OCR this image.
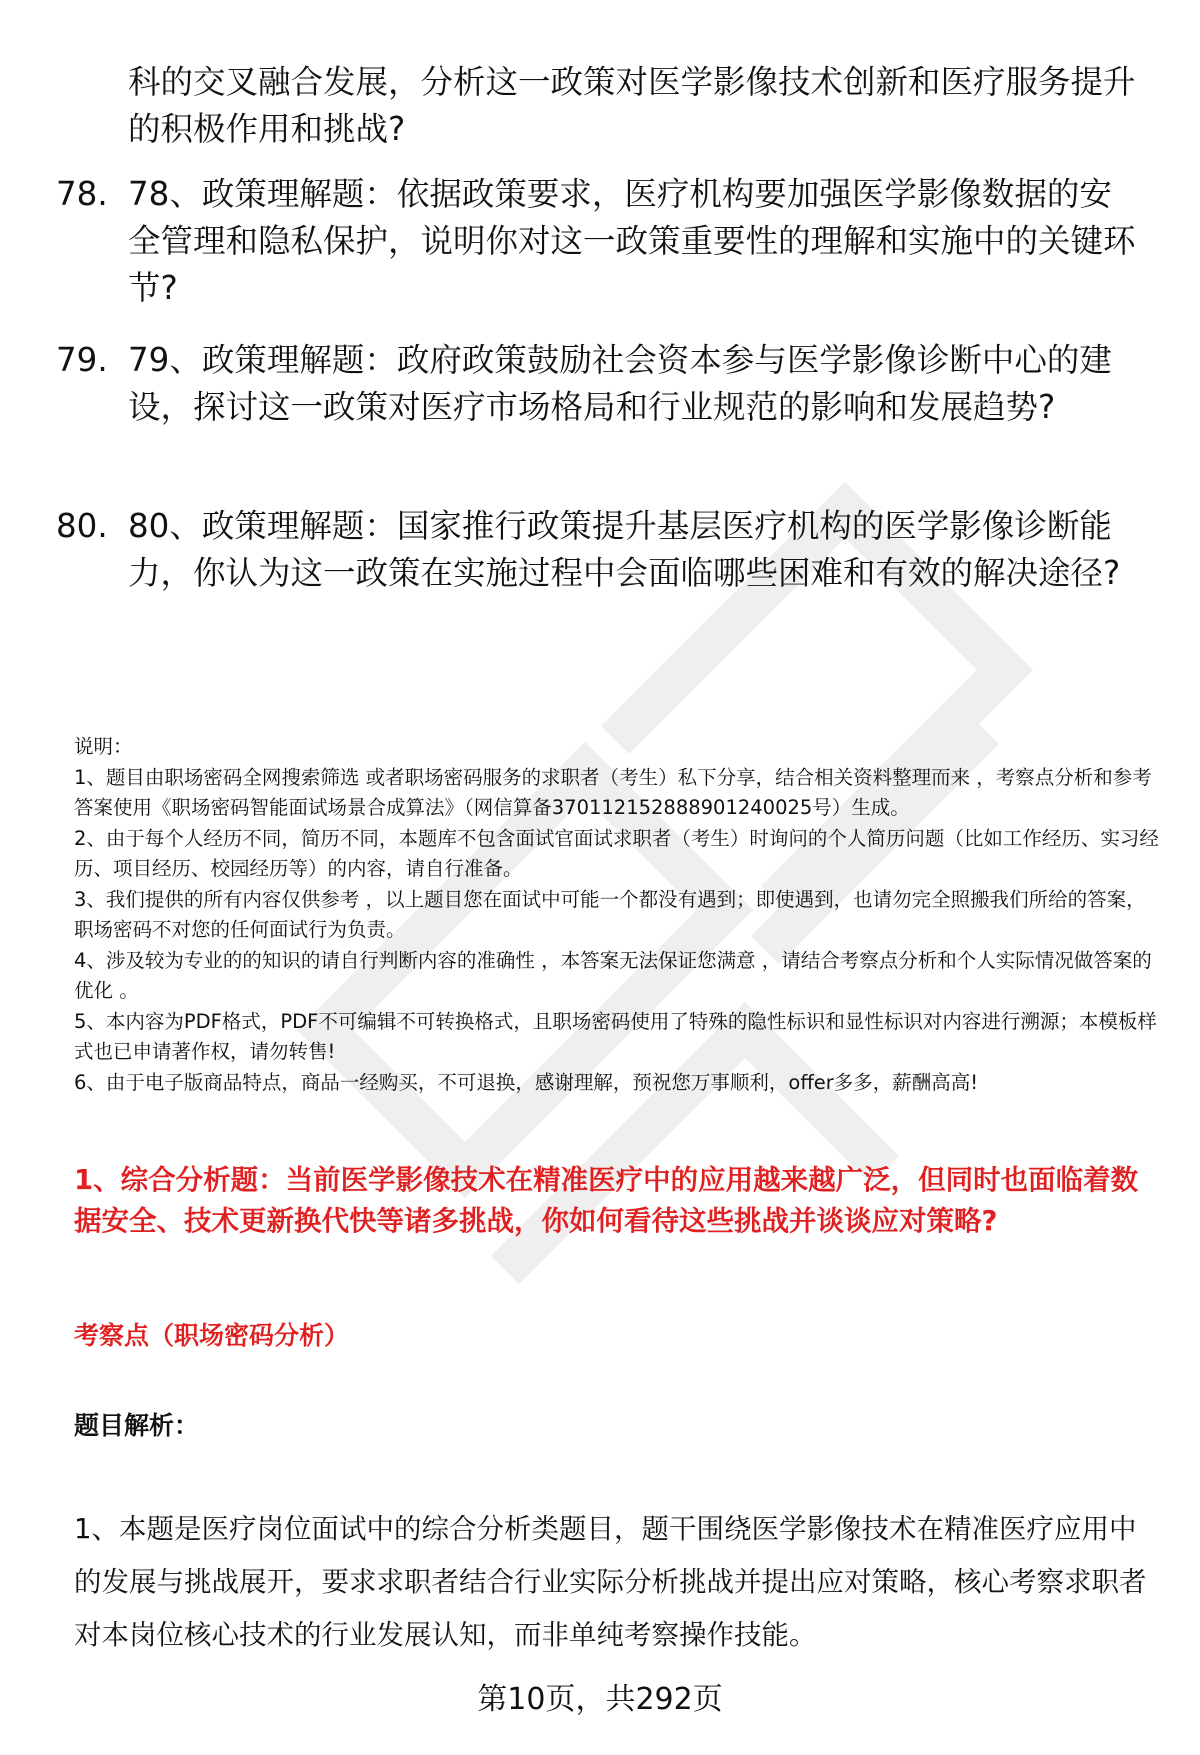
科的交叉融合发展，分析这一政策对医学影像技术创新和医疗服务提升的积极作用和挑战?
78. 78、政策理解题：依据政策要求，医疗机构要加强医学影像数据的安全管理和隐私保护，说明你对这一政策重要性的理解和实施中的关键环节?
79. 79、政策理解题：政府政策鼓励社会资本参与医学影像诊断中心的建设，探讨这一政策对医疗市场格局和行业规范的影响和发展趋势?
80. 80、政策理解题：国家推行政策提升基层医疗机构的医学影像诊断能力，你认为这一政策在实施过程中会面临哪些困难和有效的解决途径?

说明：

1、题目由职场密码全网搜索筛选 或者职场密码服务的求职者（考生）私下分享，结合相关资料整理而来 ，考察点分析和参考答案使用《职场密码智能面试场景合成算法》（网信算备370112152888901240025号）生成。

2、由于每个人经历不同，简历不同，本题库不包含面试官面试求职者（考生）时询问的个人简历问题（比如工作经历、实习经历、项目经历、校园经历等）的内容，请自行准备。

3、我们提供的所有内容仅供参考 ，以上题目您在面试中可能一个都没有遇到；即使遇到，也请勿完全照搬我们所给的答案，职场密码不对您的任何面试行为负责。

4、涉及较为专业的的知识的请自行判断内容的准确性 ，本答案无法保证您满意 ，请结合考察点分析和个人实际情况做答案的优化 。

5、本内容为PDF格式，PDF不可编辑不可转换格式，且职场密码使用了特殊的隐性标识和显性标识对内容进行溯源；本模板样式也已申请著作权，请勿转售!

6、由于电子版商品特点，商品一经购买，不可退换，感谢理解，预祝您万事顺利，offer多多，薪酬高高!

1、综合分析题：当前医学影像技术在精准医疗中的应用越来越广泛，但同时也面临着数据安全、技术更新换代快等诸多挑战，你如何看待这些挑战并谈谈应对策略?
考察点（职场密码分析）
题目解析：
1、本题是医疗岗位面试中的综合分析类题目，题干围绕医学影像技术在精准医疗应用中的发展与挑战展开，要求求职者结合行业实际分析挑战并提出应对策略，核心考察求职者对本岗位核心技术的行业发展认知，而非单纯考察操作技能。
第10页，共292页
